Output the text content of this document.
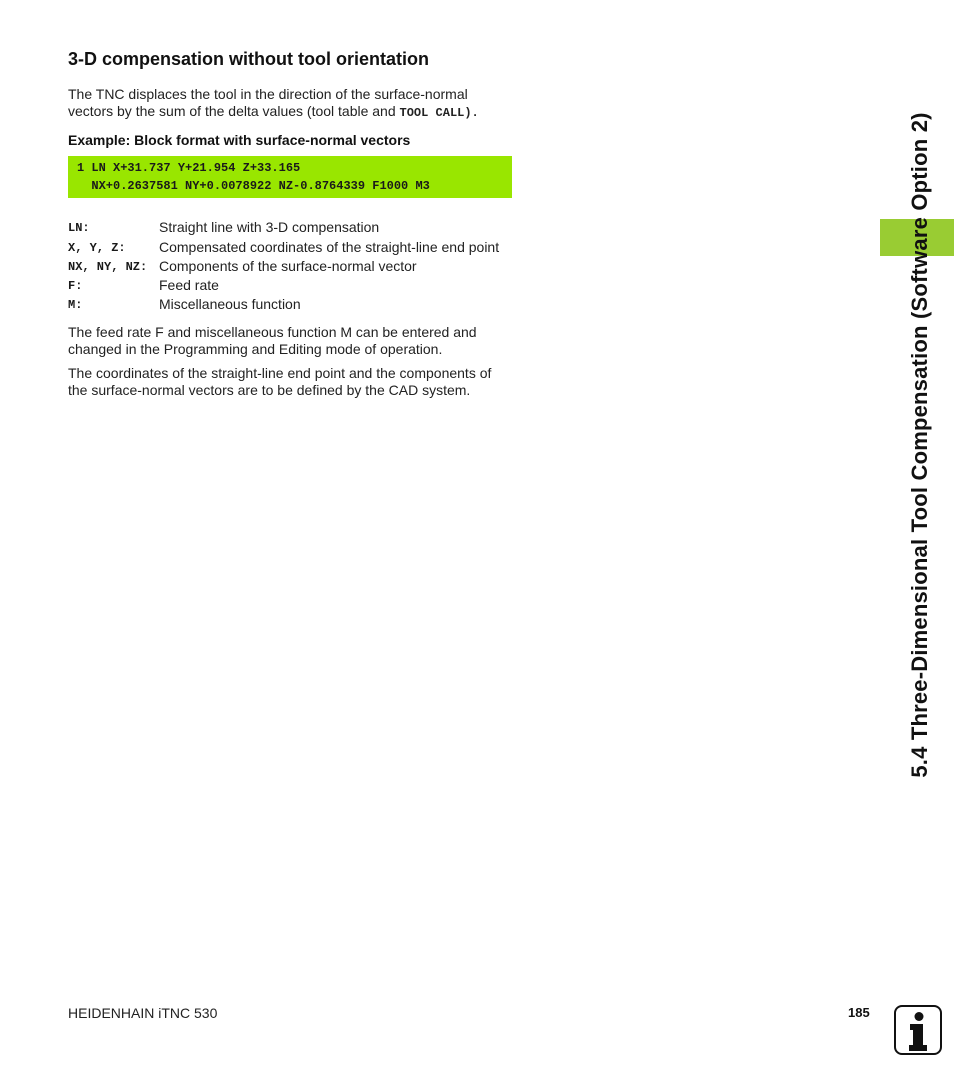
3-D compensation without tool orientation
The TNC displaces the tool in the direction of the surface-normal
vectors by the sum of the delta values (tool table and TOOL CALL).
Example: Block format with surface-normal vectors
1 LN X+31.737 Y+21.954 Z+33.165
NX+0.2637581 NY+0.0078922 NZ-0.8764339 F1000 M3
LN:	Straight line with 3-D compensation
X, Y, Z: Compensated coordinates of the straight-line end point
NX, NY, NZ: Components of the surface-normal vector
F:	Feed rate
M:	Miscellaneous function
The feed rate F and miscellaneous function M can be entered and
changed in the Programming and Editing mode of operation.
The coordinates of the straight-line end point and the components of
the surface-normal vectors are to be defined by the CAD system.	5.4 Three-Dimensional Tool Compensation (Software Option 2)
HEIDENHAIN iTNC 530	185
